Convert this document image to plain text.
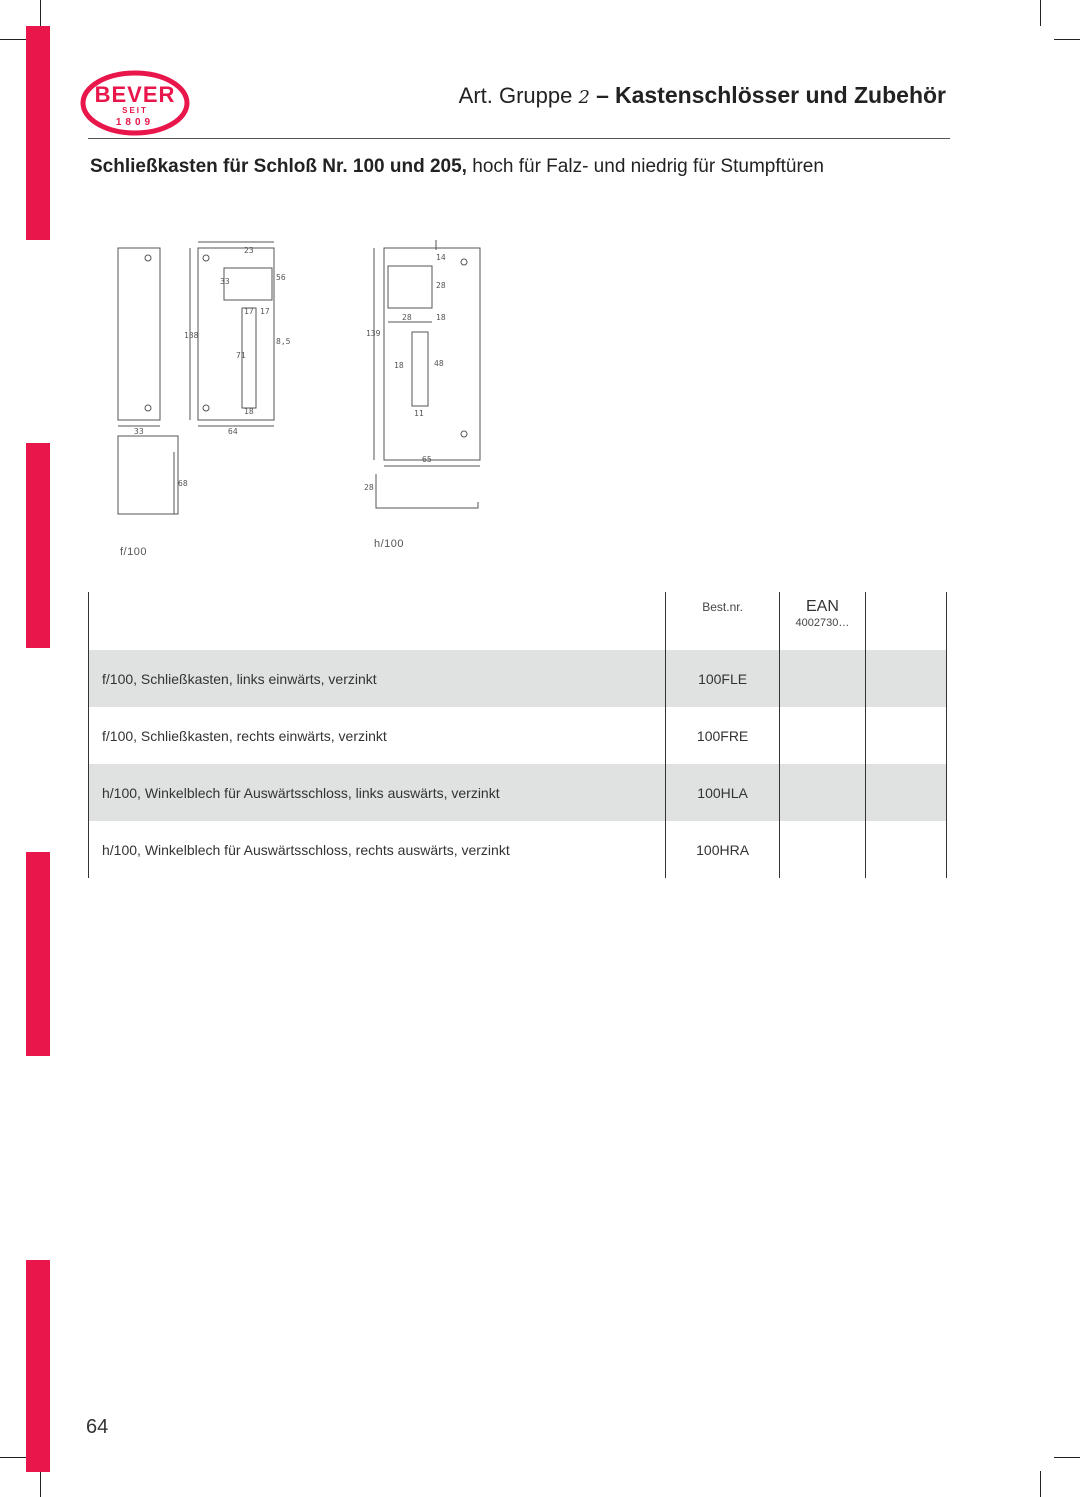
BEVER
SEIT
1809
Art. Gruppe 2 – Kastenschlösser und Zubehör
Schließkasten für Schloß Nr. 100 und 205, hoch für Falz- und niedrig für Stumpftüren
23
33	56
17 17
138
8,5
71
18
33	64
68
f/100
14
28
28	18
139
48
18
11
65
28
h/100

	Best.nr.	EAN
4002730…	

f/100, Schließkasten, links einwärts, verzinkt	100FLE		
f/100, Schließkasten, rechts einwärts, verzinkt	100FRE		
h/100, Winkelblech für Auswärtsschloss, links auswärts, verzinkt	100HLA		
h/100, Winkelblech für Auswärtsschloss, rechts auswärts, verzinkt	100HRA		
64
